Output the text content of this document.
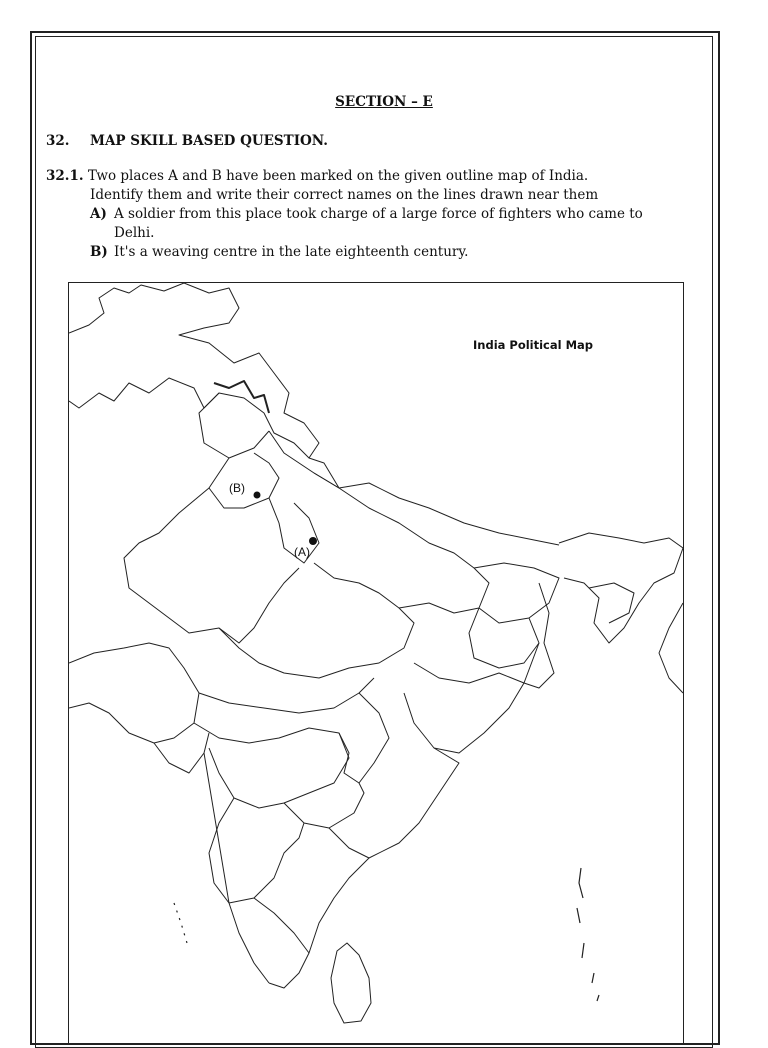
SECTION – E
32. MAP SKILL BASED QUESTION.
32.1. Two places A and B have been marked on the given outline map of India.
Identify them and write their correct names on the lines drawn near them
A) A soldier from this place took charge of a large force of fighters who came to Delhi.
B) It's a weaving centre in the late eighteenth century.
India Political Map
(A)
(B)
